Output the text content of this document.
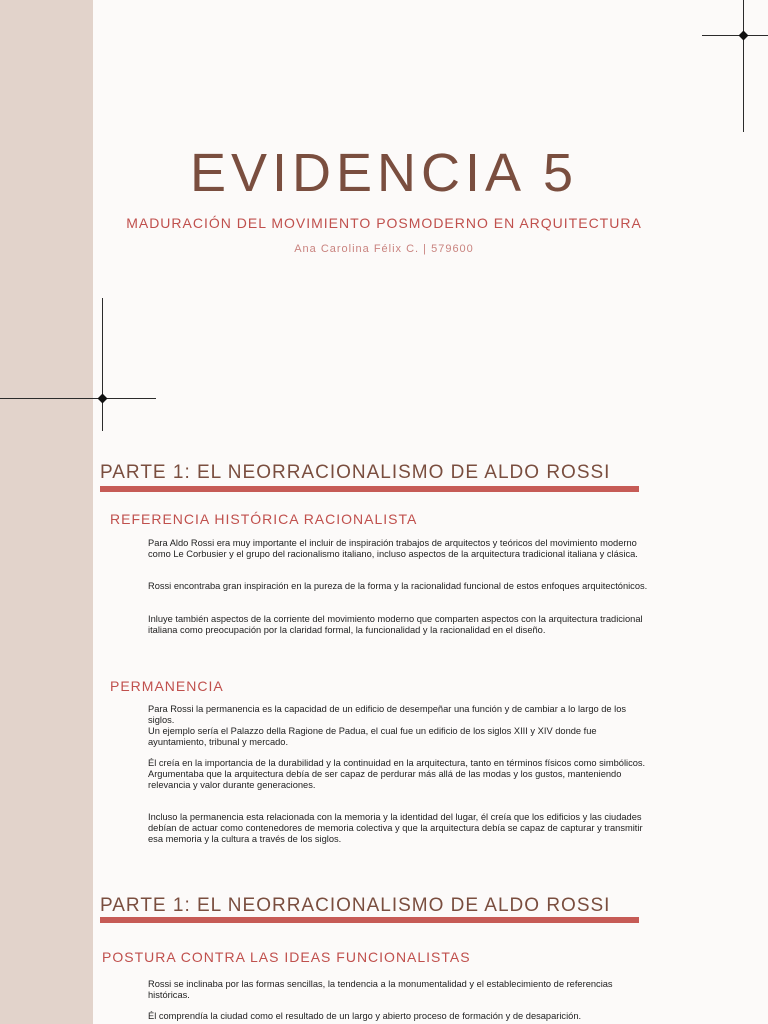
EVIDENCIA 5
MADURACIÓN DEL MOVIMIENTO POSMODERNO EN ARQUITECTURA
Ana Carolina Félix C. | 579600
PARTE 1: EL NEORRACIONALISMO DE ALDO ROSSI
REFERENCIA HISTÓRICA RACIONALISTA
Para Aldo Rossi era muy importante el incluir de inspiración trabajos de arquitectos y teóricos del movimiento moderno como Le Corbusier y el grupo del racionalismo italiano, incluso aspectos de la arquitectura tradicional italiana y clásica.
Rossi encontraba gran inspiración en la pureza de la forma y la racionalidad funcional de estos enfoques arquitectónicos.
Inluye también aspectos de la corriente del movimiento moderno que comparten aspectos con la arquitectura tradicional italiana como preocupación por la claridad formal, la funcionalidad y la racionalidad en el diseño.
PERMANENCIA
Para Rossi la permanencia es la capacidad de un edificio de desempeñar una función y de cambiar a lo largo de los siglos.
Un ejemplo sería el Palazzo della Ragione de Padua, el cual fue un edificio de los siglos XIII y XIV donde fue ayuntamiento, tribunal y mercado.
Él creía en la importancia de la durabilidad y la continuidad en la arquitectura, tanto en términos físicos como simbólicos.
Argumentaba que la arquitectura debía de ser capaz de perdurar más allá de las modas y los gustos, manteniendo relevancia y valor durante generaciones.
Incluso la permanencia esta relacionada con la memoria y la identidad del lugar, él creía que los edificios y las ciudades debían de actuar como contenedores de memoria colectiva y que la arquitectura debía se capaz de capturar y transmitir esa memoria y la cultura a través de los siglos.
PARTE 1: EL NEORRACIONALISMO DE ALDO ROSSI
POSTURA CONTRA LAS IDEAS FUNCIONALISTAS
Rossi se inclinaba por las formas sencillas, la tendencia a la monumentalidad y el establecimiento de referencias históricas.
Él comprendía la ciudad como el resultado de un largo y abierto proceso de formación y de desaparición.
